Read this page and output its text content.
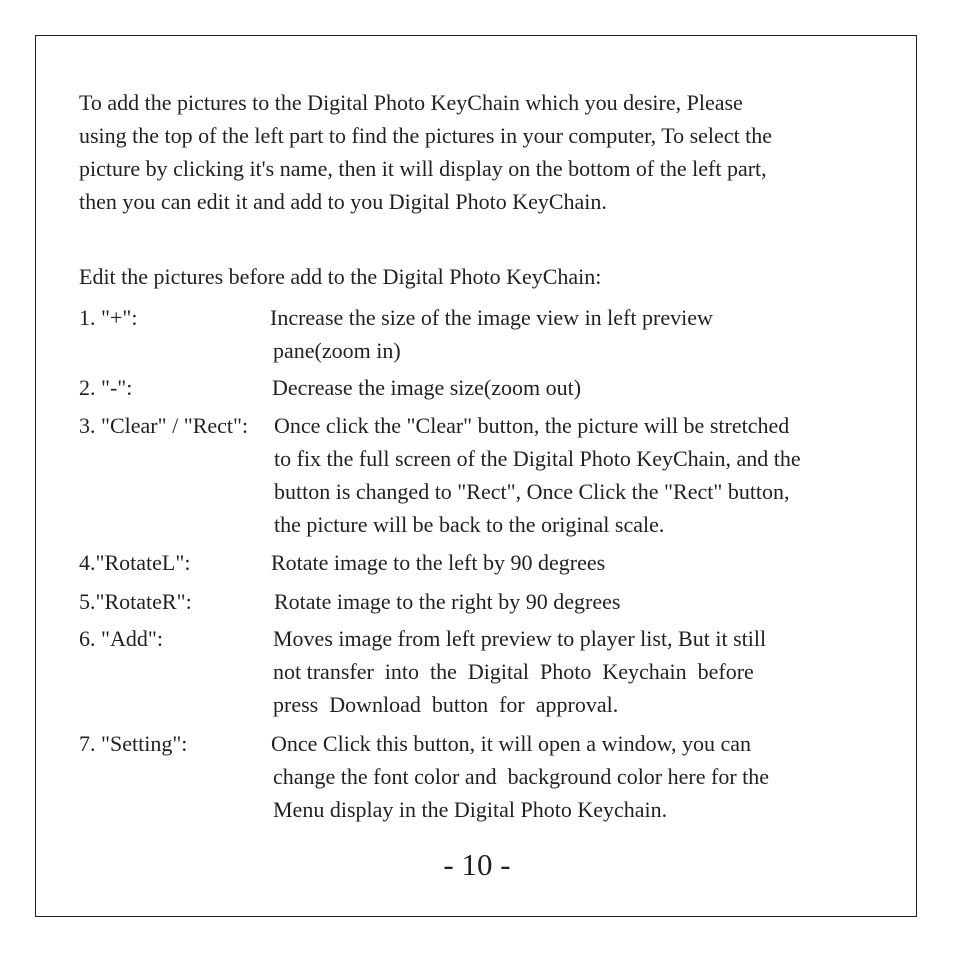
To add the pictures to the Digital Photo KeyChain which you desire, Please
using the top of the left part to find the pictures in your computer, To select the
picture by clicking it's name, then it will display on the bottom of the left part,
then you can edit it and add to you Digital Photo KeyChain.
Edit the pictures before add to the Digital Photo KeyChain:
1. "+":	Increase the size of the image view in left preview
pane(zoom in)
2. "-":	Decrease the image size(zoom out)
3. "Clear" / "Rect": Once click the "Clear" button, the picture will be stretched
to fix the full screen of the Digital Photo KeyChain, and the
button is changed to "Rect", Once Click the "Rect" button,
the picture will be back to the original scale.
4."RotateL":	Rotate image to the left by 90 degrees
5."RotateR":	Rotate image to the right by 90 degrees
6. "Add":	Moves image from left preview to player list, But it still
not transfer  into  the  Digital  Photo  Keychain  before
press  Download  button  for  approval.
7. "Setting":	Once Click this button, it will open a window, you can
change the font color and  background color here for the
Menu display in the Digital Photo Keychain.
- 10 -
